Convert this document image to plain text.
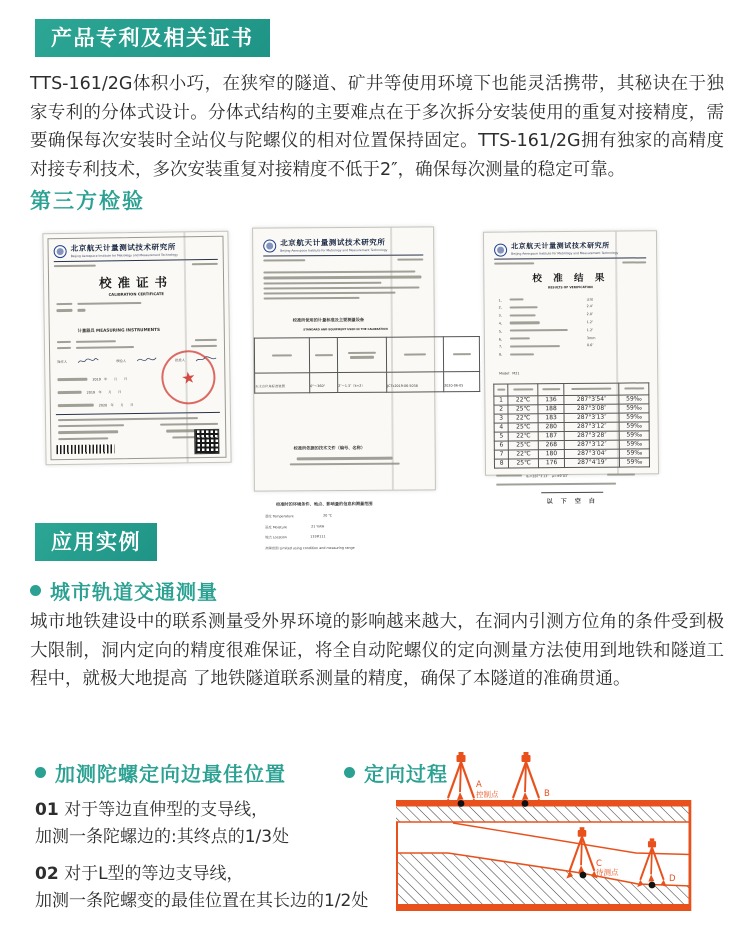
产品专利及相关证书

TTS-161/2G体积小巧，在狭窄的隧道、矿井等使用环境下也能灵活携带，其秘诀在于独家专利的分体式设计。分体式结构的主要难点在于多次拆分安装使用的重复对接精度，需要确保每次安装时全站仪与陀螺仪的相对位置保持固定。TTS-161/2G拥有独家的高精度对接专利技术，多次安装重复对接精度不低于2″，确保每次测量的稳定可靠。

第三方检验
北京航天计量测试技术研究所
Beijing Aerospace Institute for Metrology and Measurement Technology
校准证书
CALIBRATION CERTIFICATE
计量器具 MEASURING INSTRUMENTS
操作人	核验人	批准人
★
2019　年　　月　　日
2019　年　　月　　日
2020　年　　月　　日
北京航天计量测试技术研究所
Beijing Aerospace Institute for Metrology and Measurement Technology
校准所使用的计量标准及主要测量设备
STANDARD AND EQUIPMENT USED IN THE CALIBRATION

天文方位角标准装置	0°～360°	2″～1.3″（k=2）	JCTx2019-06-5038	2020-06-05
校准所依据的技术文件（编号、名称）
校准时的环境条件、地点、影响量的信息和测量范围
温度 Temperature	20 ℃
湿度 Moisture	21 %RH
地点 Location	133#111
测量范围 Limited using condition and measuring range
北京航天计量测试技术研究所
Beijing Aerospace Institute for Metrology and Measurement Technology
校 准 结 果
RESULTS OF VERIFICATION
1、	正常
2、	2.4″
3、	2.0″
4、	1.2″
5、	1.2″
6、	3mm
7、	0.6″
8、
Model：M21

1	22℃	136	287°3′54″	59‰
2	25℃	188	287°3′08″	59‰
3	22℃	183	287°3′13″	59‰
4	25℃	280	287°3′12″	59‰
5	22℃	187	287°3′28″	59‰
6	25℃	268	287°3′12″	59‰
7	22℃	180	287°3′04″	59‰
8	25℃	176	287°4′19″	59‰
α₀=287°3′13″　μ=±9″03″
以 下 空 白
应用实例
城市轨道交通测量

城市地铁建设中的联系测量受外界环境的影响越来越大，在洞内引测方位角的条件受到极大限制，洞内定向的精度很难保证，将全自动陀螺仪的定向测量方法使用到地铁和隧道工程中，就极大地提高 了地铁隧道联系测量的精度，确保了本隧道的准确贯通。

加测陀螺定向边最佳位置	定向过程
01 对于等边直伸型的支导线，
加测一条陀螺边的:其终点的1/3处
02 对于L型的等边支导线，
加测一条陀螺变的最佳位置在其长边的1/2处
A
控制点	B
C
待测点
D
